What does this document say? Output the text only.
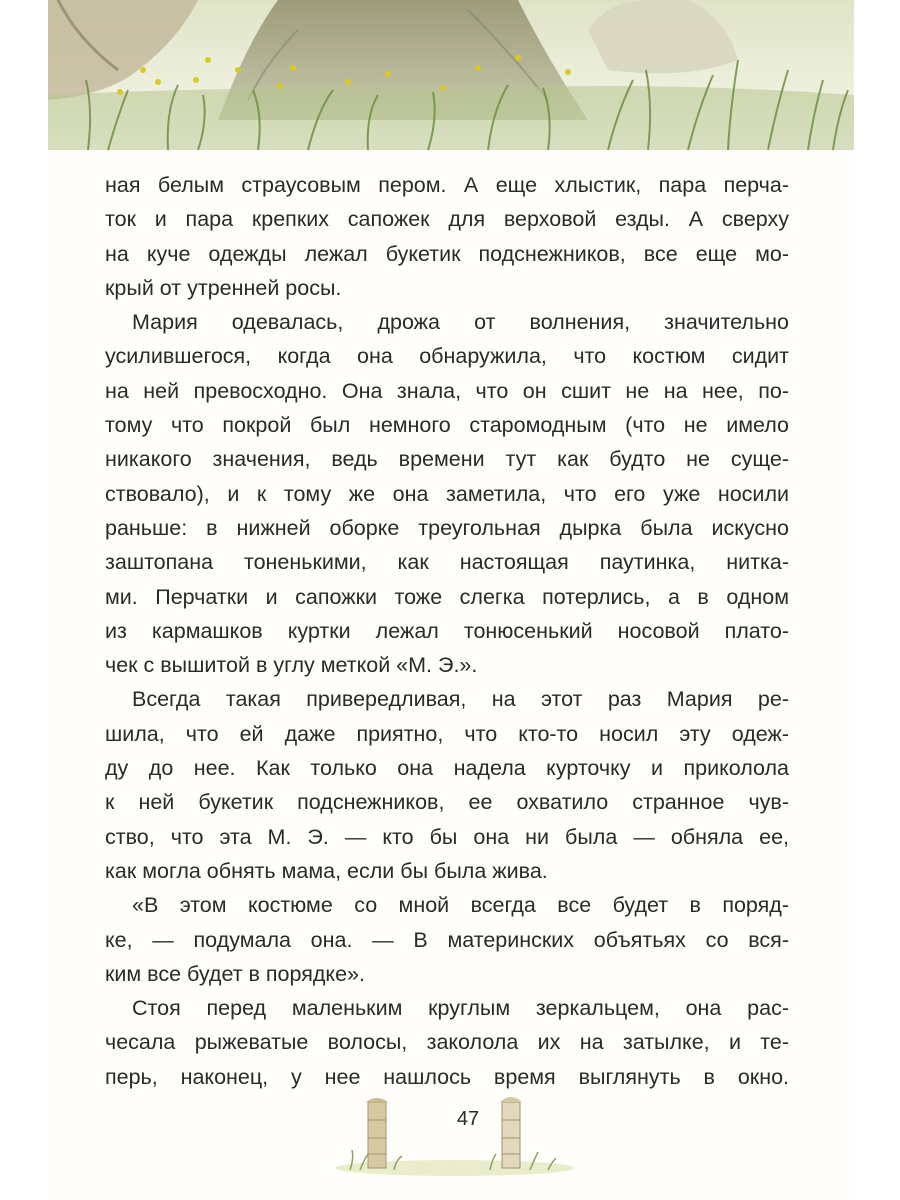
ная белым страусовым пером. А еще хлыстик, пара перча-
ток и пара крепких сапожек для верховой езды. А сверху
на куче одежды лежал букетик подснежников, все еще мо-
крый от утренней росы.
Мария одевалась, дрожа от волнения, значительно
усилившегося, когда она обнаружила, что костюм сидит
на ней превосходно. Она знала, что он сшит не на нее, по-
тому что покрой был немного старомодным (что не имело
никакого значения, ведь времени тут как будто не суще-
ствовало), и к тому же она заметила, что его уже носили
раньше: в нижней оборке треугольная дырка была искусно
заштопана тоненькими, как настоящая паутинка, нитка-
ми. Перчатки и сапожки тоже слегка потерлись, а в одном
из кармашков куртки лежал тонюсенький носовой плато-
чек с вышитой в углу меткой «М. Э.».
Всегда такая привередливая, на этот раз Мария ре-
шила, что ей даже приятно, что кто-то носил эту одеж-
ду до нее. Как только она надела курточку и приколола
к ней букетик подснежников, ее охватило странное чув-
ство, что эта М. Э. — кто бы она ни была — обняла ее,
как могла обнять мама, если бы была жива.
«В этом костюме со мной всегда все будет в поряд-
ке, — подумала она. — В материнских объятьях со вся-
ким все будет в порядке».
Стоя перед маленьким круглым зеркальцем, она рас-
чесала рыжеватые волосы, заколола их на затылке, и те-
перь, наконец, у нее нашлось время выглянуть в окно.
47
